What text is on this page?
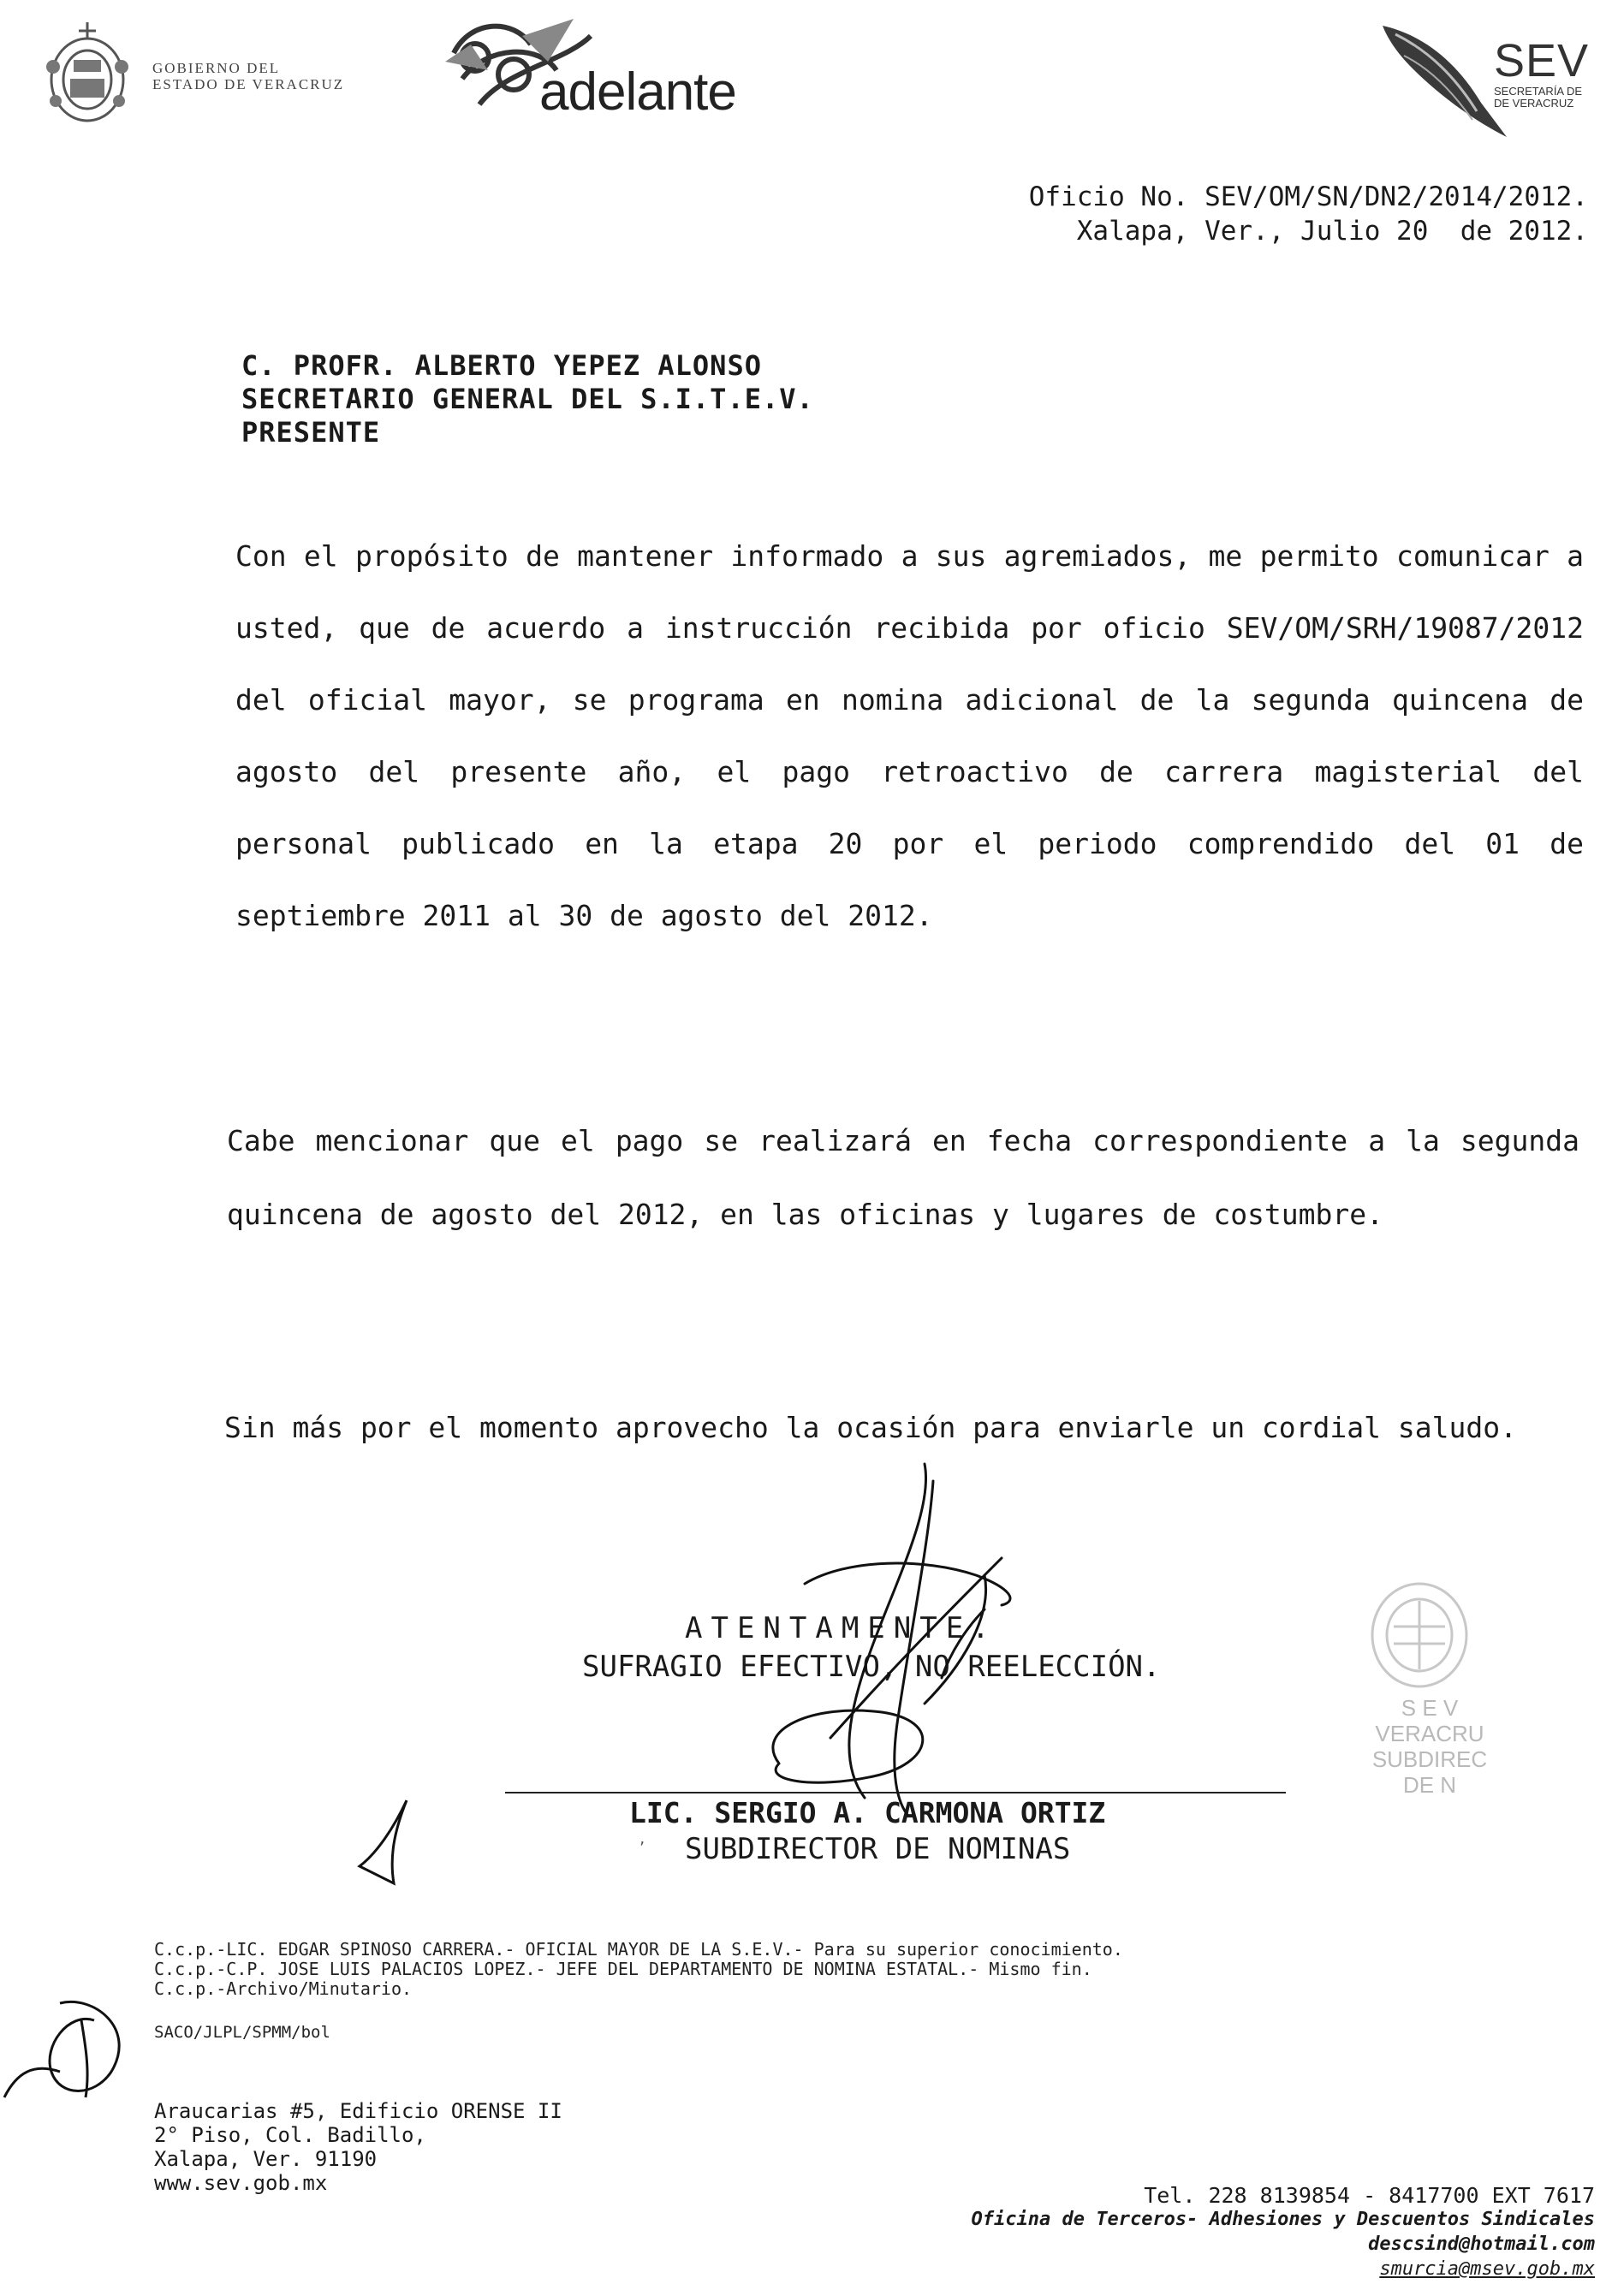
GOBIERNO DEL
ESTADO DE VERACRUZ	adelante
SEV
SECRETARÍA DE
DE VERACRUZ
Oficio No. SEV/OM/SN/DN2/2014/2012.
Xalapa, Ver., Julio 20  de 2012.
C. PROFR. ALBERTO YEPEZ ALONSO
SECRETARIO GENERAL DEL S.I.T.E.V.
PRESENTE
Con el propósito de mantener informado a sus agremiados, me permito comunicar a usted, que de acuerdo a instrucción recibida por oficio SEV/OM/SRH/19087/2012 del oficial mayor, se programa en nomina adicional de la segunda quincena de agosto del presente año, el pago retroactivo de carrera magisterial del personal publicado en la etapa 20 por el periodo comprendido del 01 de septiembre 2011 al 30 de agosto del 2012.
Cabe mencionar que el pago se realizará en fecha correspondiente a la segunda quincena de agosto del 2012, en las oficinas y lugares de costumbre.
Sin más por el momento aprovecho la ocasión para enviarle un cordial saludo.
S E V
VERACRU
SUBDIREC
DE N
ATENTAMENTE.
SUFRAGIO EFECTIVO, NO REELECCIÓN.
LIC. SERGIO A. CARMONA ORTIZ
SUBDIRECTOR DE NOMINAS
’
C.c.p.-LIC. EDGAR SPINOSO CARRERA.- OFICIAL MAYOR DE LA S.E.V.- Para su superior conocimiento.
C.c.p.-C.P. JOSE LUIS PALACIOS LOPEZ.- JEFE DEL DEPARTAMENTO DE NOMINA ESTATAL.- Mismo fin.
C.c.p.-Archivo/Minutario.
SACO/JLPL/SPMM/bol
Araucarias #5, Edificio ORENSE II
2° Piso, Col. Badillo,
Xalapa, Ver. 91190
www.sev.gob.mx	Tel. 228 8139854 - 8417700 EXT 7617
Oficina de Terceros- Adhesiones y Descuentos Sindicales
descsind@hotmail.com
smurcia@msev.gob.mx
